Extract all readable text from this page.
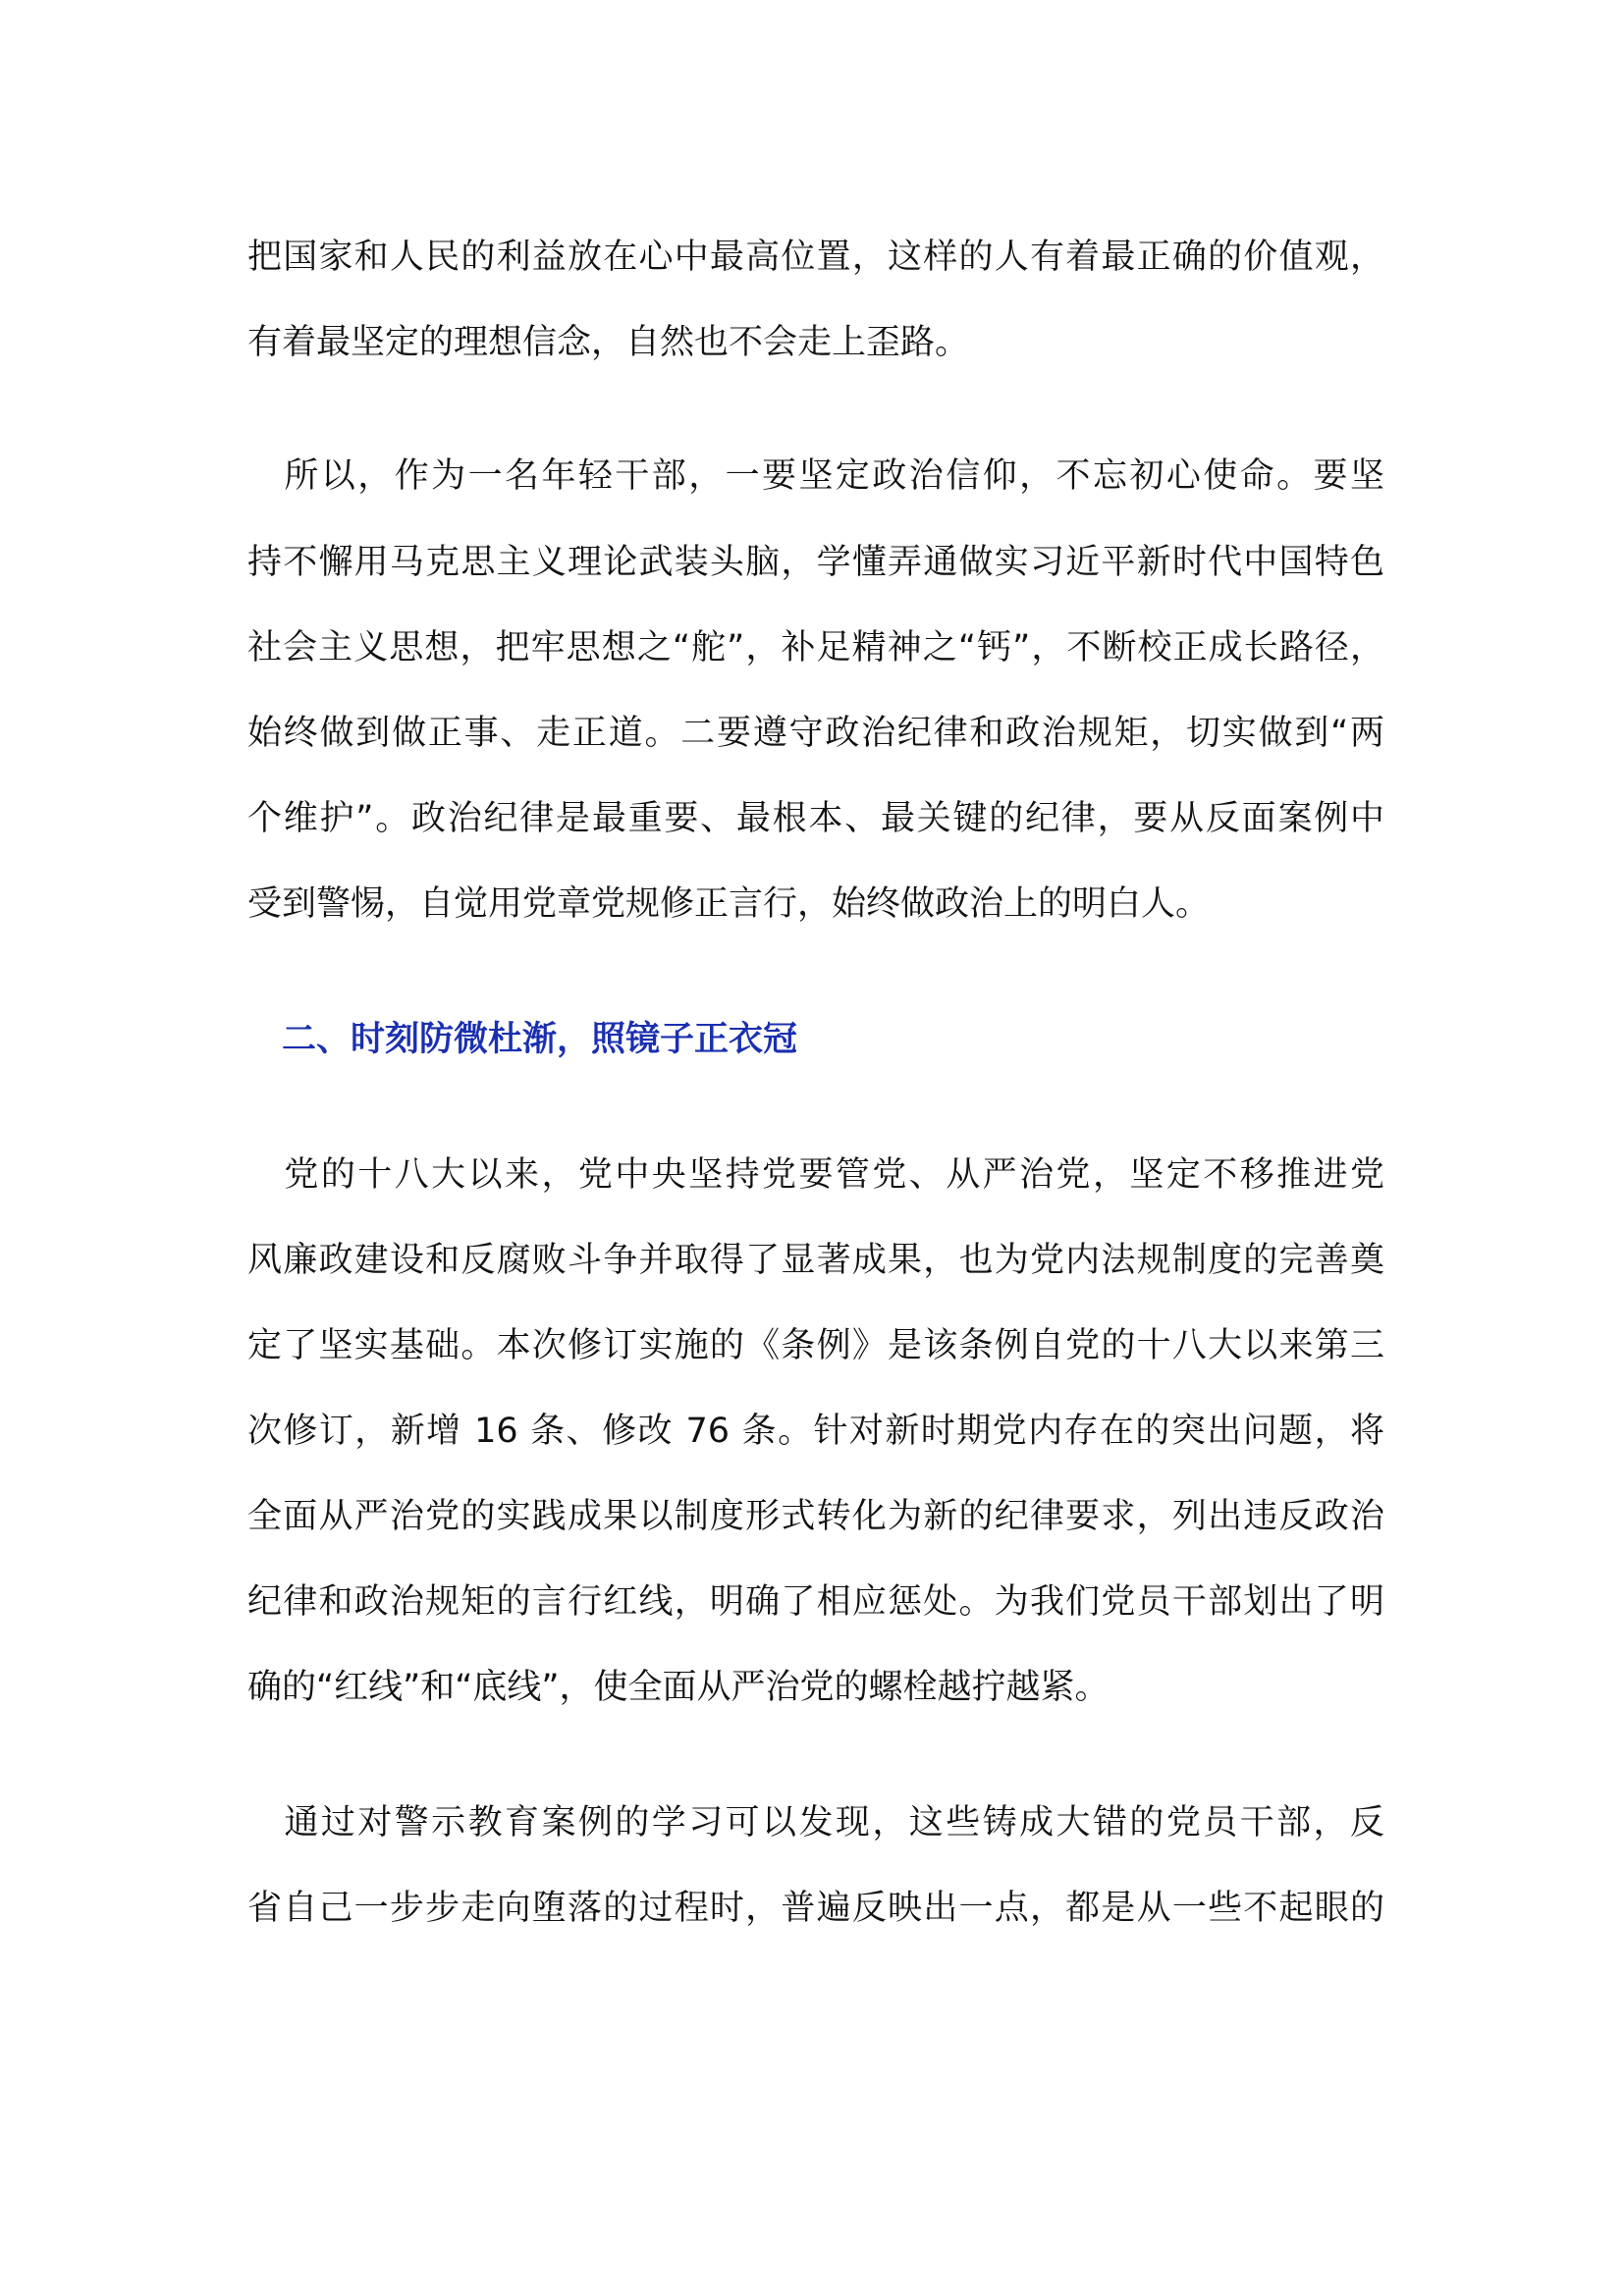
把国家和人民的利益放在心中最高位置，这样的人有着最正确的价值观，
有着最坚定的理想信念，自然也不会走上歪路。
　所以，作为一名年轻干部，一要坚定政治信仰，不忘初心使命。要坚
持不懈用马克思主义理论武装头脑，学懂弄通做实习近平新时代中国特色
社会主义思想，把牢思想之“舵”，补足精神之“钙”，不断校正成长路径，
始终做到做正事、走正道。二要遵守政治纪律和政治规矩，切实做到“两
个维护”。政治纪律是最重要、最根本、最关键的纪律，要从反面案例中
受到警惕，自觉用党章党规修正言行，始终做政治上的明白人。
　二、时刻防微杜渐，照镜子正衣冠
　党的十八大以来，党中央坚持党要管党、从严治党，坚定不移推进党
风廉政建设和反腐败斗争并取得了显著成果，也为党内法规制度的完善奠
定了坚实基础。本次修订实施的《条例》是该条例自党的十八大以来第三
次修订，新增 16 条、修改 76 条。针对新时期党内存在的突出问题，将
全面从严治党的实践成果以制度形式转化为新的纪律要求，列出违反政治
纪律和政治规矩的言行红线，明确了相应惩处。为我们党员干部划出了明
确的“红线”和“底线”，使全面从严治党的螺栓越拧越紧。
　通过对警示教育案例的学习可以发现，这些铸成大错的党员干部，反
省自己一步步走向堕落的过程时，普遍反映出一点，都是从一些不起眼的
